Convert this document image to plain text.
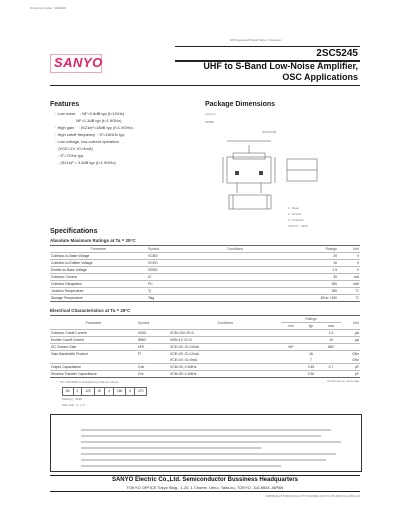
Ordering number : EN0000
SANYO
NPN Epitaxial Planar Silicon Transistor
2SC5245
UHF to S-Band Low-Noise Amplifier,
OSC Applications
Features
· Low noise    : NF=0.8dB typ (f=1GHz).
NF=1.3dB typ (f=1.9GHz).
· High gain    : |S21e|²=18dB typ (f=1.9GHz).
· High cutoff frequency  : fT=16GHz typ.
· Low-voltage, low-current operation
(VCE=1V, IC=4mA)
: fT=7GHz typ.
: |S21e|² = 3.5dB typ (f=1.9GHz).
Package Dimensions
unit:mm
2059B
[2SC5245]
1 : Base
2 : Emitter
3 : Collector
SANYO : MCP
Specifications
Absolute Maximum Ratings at Ta = 25°C
Parameter	Symbol	Conditions	Ratings	Unit
Collector-to-Base Voltage	VCBO		20	V
Collector-to-Emitter Voltage	VCEO		10	V
Emitter-to-Base Voltage	VEBO		1.5	V
Collector Current	IC		30	mA
Collector Dissipation	PC		150	mW
Junction Temperature	Tj		150	°C
Storage Temperature	Tstg		-55 to +150	°C
Electrical Characteristics at Ta = 25°C
Parameter	Symbol	Conditions	Ratings			Unit
			min	typ	max	
Collector Cutoff Current	ICBO	VCB=10V, IE=0			1.0	µA
Emitter Cutoff Current	IEBO	VEB=1V, IC=0			10	µA
DC Current Gain	hFE	VCE=3V, IC=10mA	60*		180*	
Gain-Bandwidth Product	fT	VCE=3V, IC=10mA		16		GHz
		VCE=1V, IC=4mA		7		GHz
Output Capacitance	Cob	VCB=3V, f=1MHz		0.45	0.7	pF
Reverse Transfer Capacitance	Cre	VCB=3V, f=1MHz		0.30		pF
Continued on next page.
* : The 2SC5245 is classified by hFE as follows :
60	3	120	90	4	180	5	270
Marking : 5245
hFE rank : 3, 4, 5
SANYO Electric Co.,Ltd. Semiconductor Bussiness Headquarters
TOKYO OFFICE Tokyo Bldg., 1-10, 1 Chome, Ueno, Taito-ku, TOKYO, 110-8534 JAPAN
D2598HA (KT)/D1297HA (KT)/71295MH (KOTO) TA-0000 No.0000-1/4
